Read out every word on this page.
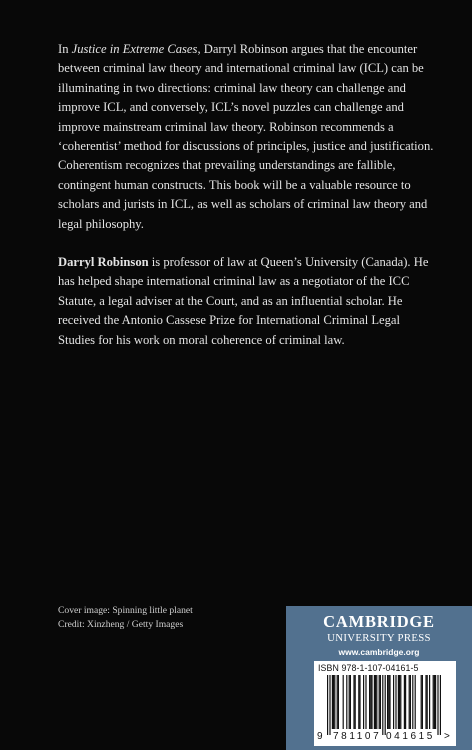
In Justice in Extreme Cases, Darryl Robinson argues that the encounter between criminal law theory and international criminal law (ICL) can be illuminating in two directions: criminal law theory can challenge and improve ICL, and conversely, ICL’s novel puzzles can challenge and improve mainstream criminal law theory. Robinson recommends a ‘coherentist’ method for discussions of principles, justice and justification. Coherentism recognizes that prevailing understandings are fallible, contingent human constructs. This book will be a valuable resource to scholars and jurists in ICL, as well as scholars of criminal law theory and legal philosophy.

Darryl Robinson is professor of law at Queen’s University (Canada). He has helped shape international criminal law as a negotiator of the ICC Statute, a legal adviser at the Court, and as an influential scholar. He received the Antonio Cassese Prize for International Criminal Legal Studies for his work on moral coherence of criminal law.

Cover image: Spinning little planet
Credit: Xinzheng / Getty Images	CAMBRIDGE
UNIVERSITY PRESS
www.cambridge.org
ISBN 978-1-107-04161-5
9 781107 041615 >
